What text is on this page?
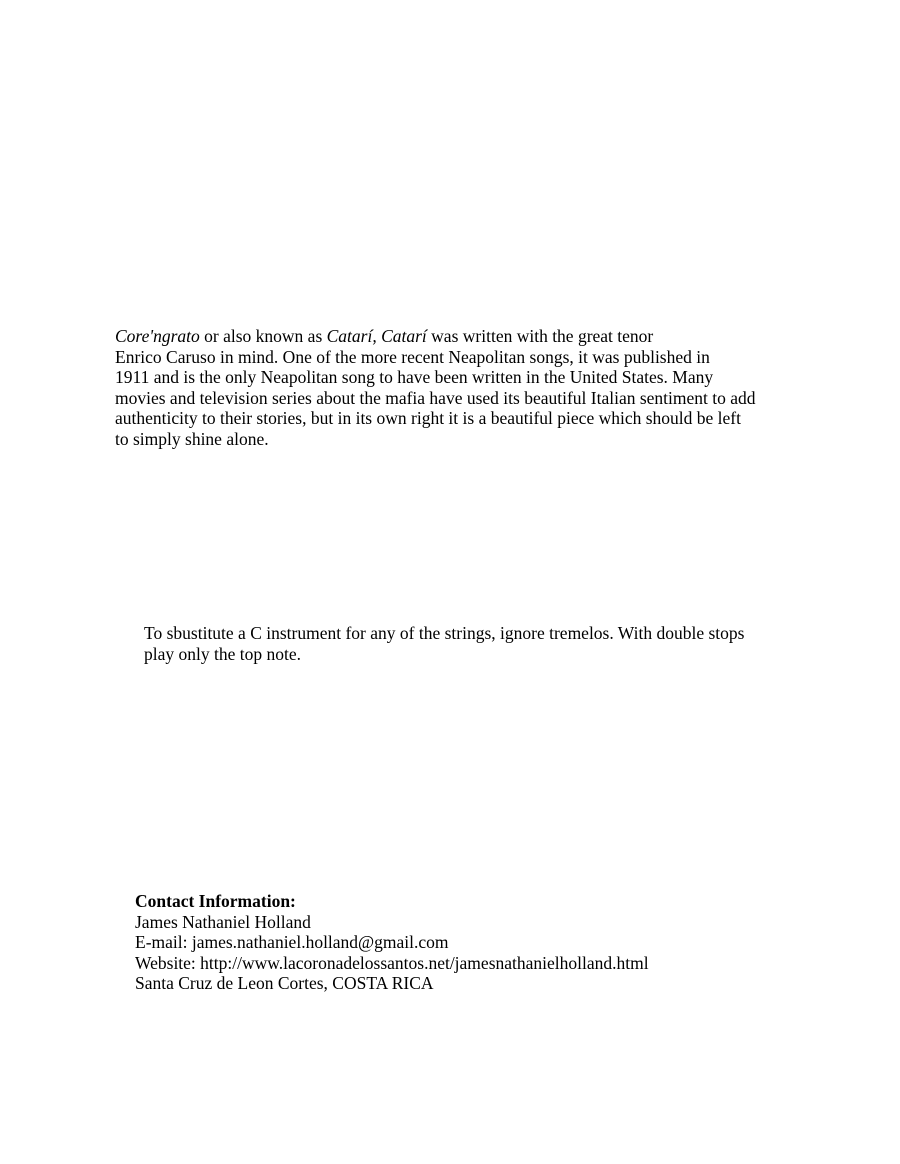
Core'ngrato or also known as Catarí, Catarí was written with the great tenor
Enrico Caruso in mind. One of the more recent Neapolitan songs, it was published in
1911 and is the only Neapolitan song to have been written in the United States. Many
movies and television series about the mafia have used its beautiful Italian sentiment to add
authenticity to their stories, but in its own right it is a beautiful piece which should be left
to simply shine alone.

To sbustitute a C instrument for any of the strings, ignore tremelos. With double stops
play only the top note.

Contact Information:
James Nathaniel Holland
E-mail: james.nathaniel.holland@gmail.com
Website: http://www.lacoronadelossantos.net/jamesnathanielholland.html
Santa Cruz de Leon Cortes, COSTA RICA
